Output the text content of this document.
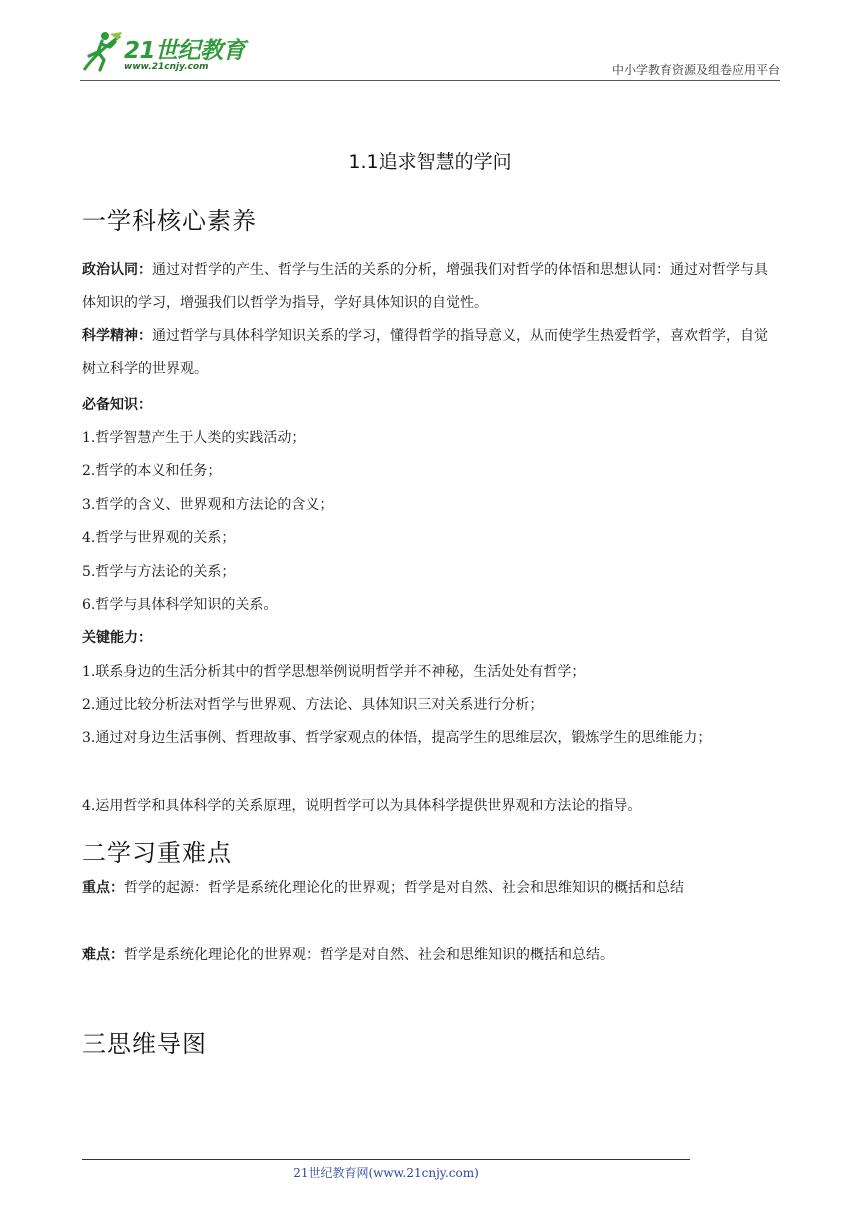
21世纪教育
www.21cnjy.com	中小学教育资源及组卷应用平台
1.1追求智慧的学问
一学科核心素养
政治认同：通过对哲学的产生、哲学与生活的关系的分析，增强我们对哲学的体悟和思想认同：通过对哲学与具体知识的学习，增强我们以哲学为指导，学好具体知识的自觉性。
科学精神：通过哲学与具体科学知识关系的学习，懂得哲学的指导意义，从而使学生热爱哲学，喜欢哲学，自觉树立科学的世界观。
必备知识：
1.哲学智慧产生于人类的实践活动；
2.哲学的本义和任务；
3.哲学的含义、世界观和方法论的含义；
4.哲学与世界观的关系；
5.哲学与方法论的关系；
6.哲学与具体科学知识的关系。
关键能力：
1.联系身边的生活分析其中的哲学思想举例说明哲学并不神秘，生活处处有哲学；
2.通过比较分析法对哲学与世界观、方法论、具体知识三对关系进行分析；
3.通过对身边生活事例、哲理故事、哲学家观点的体悟，提高学生的思维层次，锻炼学生的思维能力；
4.运用哲学和具体科学的关系原理，说明哲学可以为具体科学提供世界观和方法论的指导。
二学习重难点
重点：哲学的起源：哲学是系统化理论化的世界观；哲学是对自然、社会和思维知识的概括和总结
难点：哲学是系统化理论化的世界观：哲学是对自然、社会和思维知识的概括和总结。
三思维导图
21世纪教育网(www.21cnjy.com)
